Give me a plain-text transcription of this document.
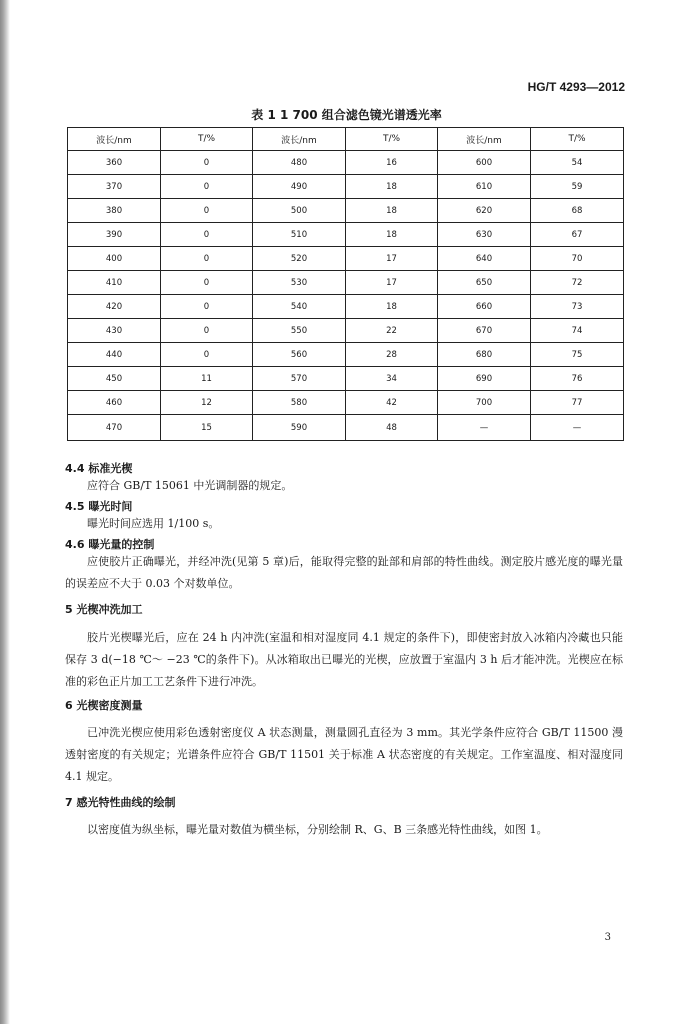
HG/T 4293—2012
表 1 1 700 组合滤色镜光谱透光率
波长/nm	T/%	波长/nm	T/%	波长/nm	T/%
360	0	480	16	600	54
370	0	490	18	610	59
380	0	500	18	620	68
390	0	510	18	630	67
400	0	520	17	640	70
410	0	530	17	650	72
420	0	540	18	660	73
430	0	550	22	670	74
440	0	560	28	680	75
450	11	570	34	690	76
460	12	580	42	700	77
470	15	590	48	—	—
4.4 标准光楔
应符合 GB/T 15061 中光调制器的规定。
4.5 曝光时间
曝光时间应选用 1/100 s。
4.6 曝光量的控制
应使胶片正确曝光，并经冲洗(见第 5 章)后，能取得完整的趾部和肩部的特性曲线。测定胶片感光度的曝光量的误差应不大于 0.03 个对数单位。
5 光楔冲洗加工
胶片光楔曝光后，应在 24 h 内冲洗(室温和相对湿度同 4.1 规定的条件下)，即使密封放入冰箱内冷藏也只能保存 3 d(−18 ℃～ −23 ℃的条件下)。从冰箱取出已曝光的光楔，应放置于室温内 3 h 后才能冲洗。光楔应在标准的彩色正片加工工艺条件下进行冲洗。
6 光楔密度测量
已冲洗光楔应使用彩色透射密度仪 A 状态测量，测量圆孔直径为 3 mm。其光学条件应符合 GB/T 11500 漫透射密度的有关规定；光谱条件应符合 GB/T 11501 关于标准 A 状态密度的有关规定。工作室温度、相对湿度同 4.1 规定。
7 感光特性曲线的绘制
以密度值为纵坐标，曝光量对数值为横坐标，分别绘制 R、G、B 三条感光特性曲线，如图 1。
3
